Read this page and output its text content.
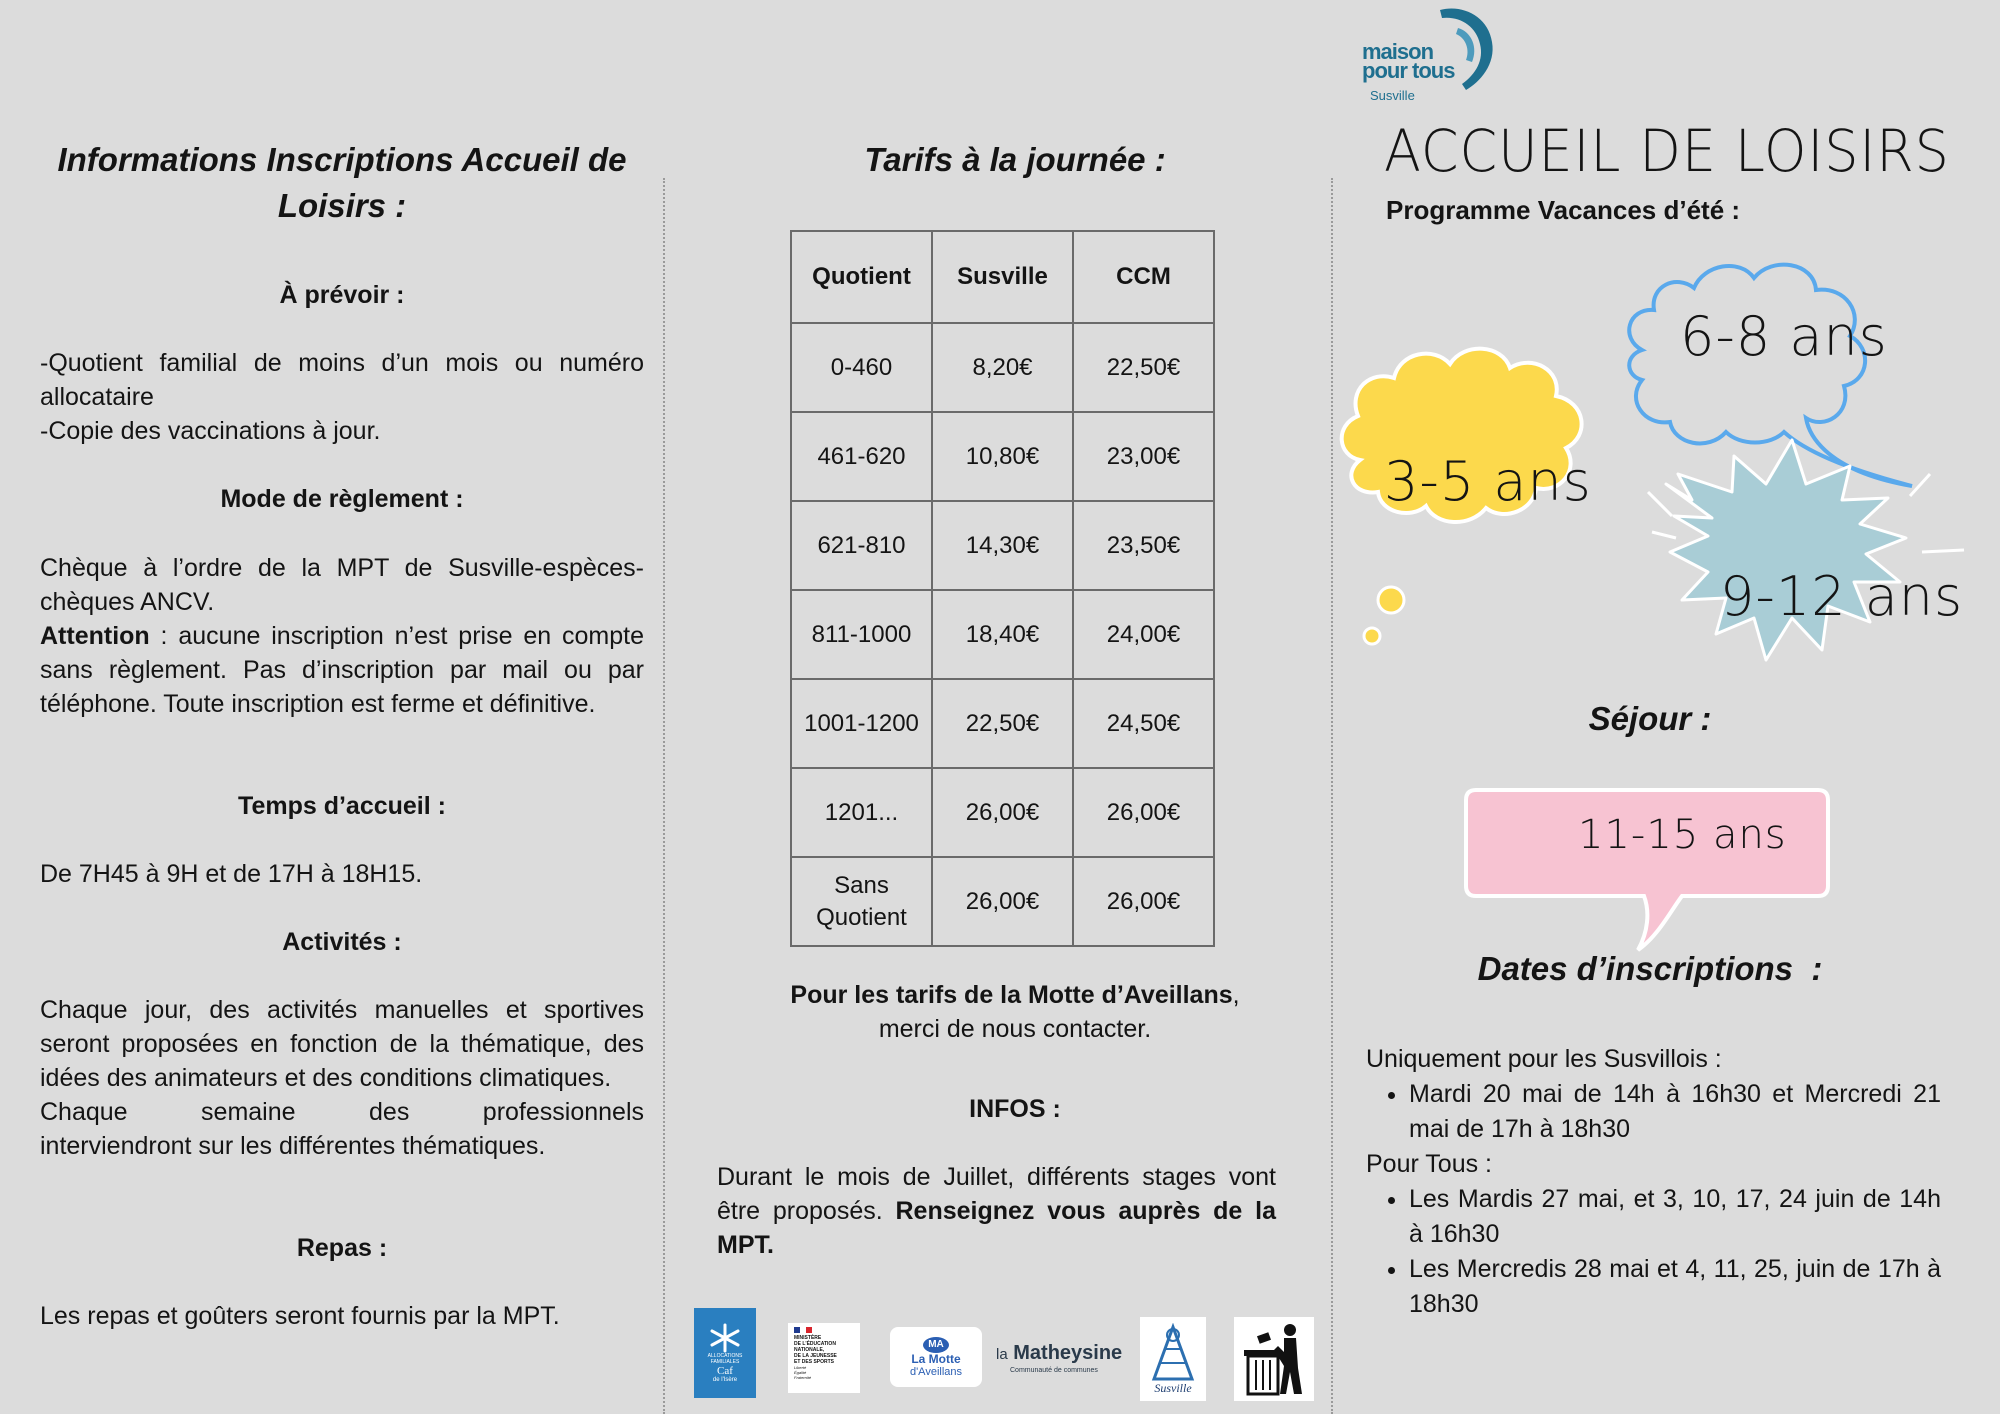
Informations Inscriptions Accueil de Loisirs :

À prévoir :

-Quotient familial de moins d’un mois ou numéro allocataire

-Copie des vaccinations à jour.

Mode de règlement :

Chèque à l’ordre de la MPT de Susville-espèces-chèques ANCV.

Attention : aucune inscription n’est prise en compte sans règlement. Pas d’inscription par mail ou par téléphone. Toute inscription est ferme et définitive.

Temps d’accueil :

De 7H45 à 9H et de 17H à 18H15.

Activités :

Chaque jour, des activités manuelles et sportives seront proposées en fonction de la thématique, des idées des animateurs et des conditions climatiques.

Chaque semaine des professionnels

interviendront sur les différentes thématiques.

Repas :

Les repas et goûters seront fournis par la MPT.

Tarifs à la journée :
Quotient	Susville	CCM
0-460	8,20€	22,50€
461-620	10,80€	23,00€
621-810	14,30€	23,50€
811-1000	18,40€	24,00€
1001-1200	22,50€	24,50€
1201...	26,00€	26,00€
Sans Quotient	26,00€	26,00€
Pour les tarifs de la Motte d’Aveillans,
merci de nous contacter.
INFOS :

Durant le mois de Juillet, différents stages vont être proposés. Renseignez vous auprès de la MPT.

ALLOCATIONS
FAMILIALES
Caf
de l'Isère
MINISTÈRE
DE L'ÉDUCATION
NATIONALE,
DE LA JEUNESSE
ET DES SPORTS
Liberté
Égalité
Fraternité
MA
La Motte
d'Aveillans
la Matheysine
Communauté de communes
Susville
maison
pour tous
Susville
ACCUEIL DE LOISIRS
Programme Vacances d’été :
6-8 ans
3-5 ans
9-12 ans
Séjour :
11-15 ans
Dates d’inscriptions  :
Uniquement pour les Susvillois :
• Mardi 20 mai de 14h à 16h30 et Mercredi 21 mai de 17h à 18h30
Pour Tous :
• Les Mardis 27 mai, et 3, 10, 17, 24 juin de 14h à 16h30
• Les Mercredis 28 mai et 4, 11, 25, juin de 17h à 18h30
